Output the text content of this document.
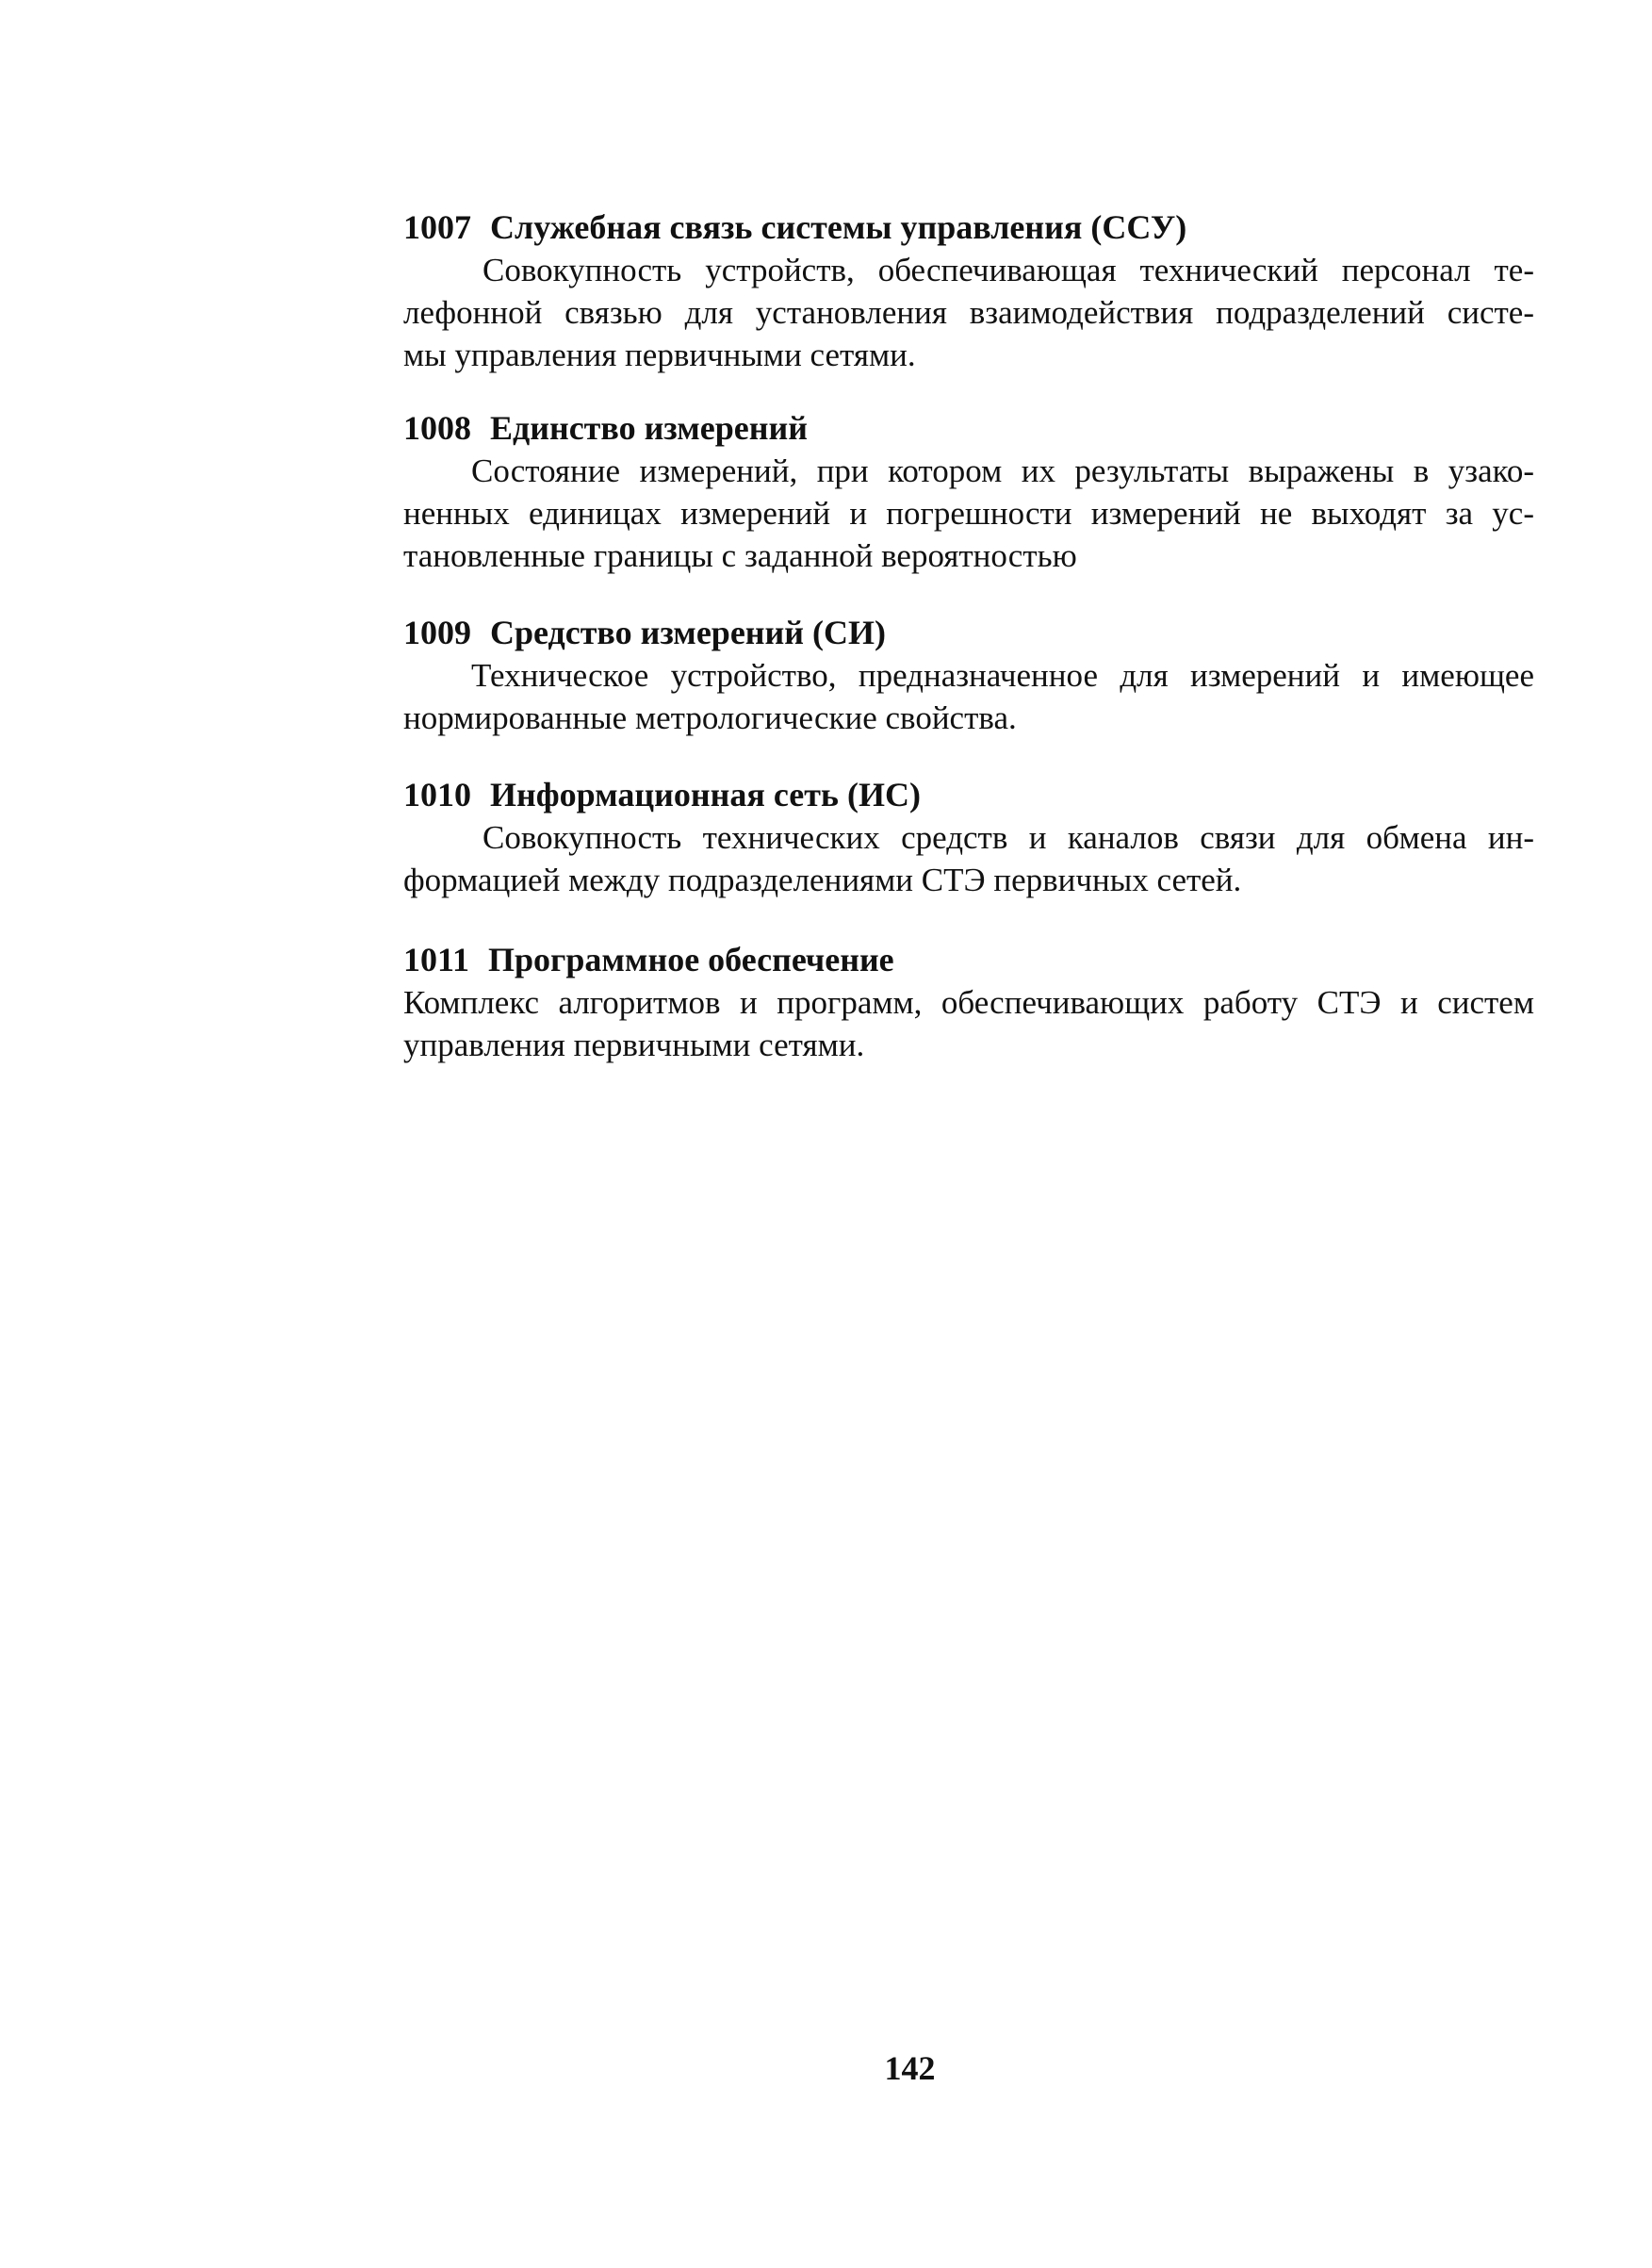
1007 Служебная связь системы управления (ССУ)
Совокупность устройств, обеспечивающая технический персонал те-
лефонной связью для установления взаимодействия подразделений систе-
мы управления первичными сетями.
1008 Единство измерений
Состояние измерений, при котором их результаты выражены в узако-
ненных единицах измерений и погрешности измерений не выходят за ус-
тановленные границы с заданной вероятностью
1009 Средство измерений (СИ)
Техническое устройство, предназначенное для измерений и имеющее
нормированные метрологические свойства.
1010 Информационная сеть (ИС)
Совокупность технических средств и каналов связи для обмена ин-
формацией между подразделениями СТЭ первичных сетей.
1011 Программное обеспечение
Комплекс алгоритмов и программ, обеспечивающих работу СТЭ и систем
управления первичными сетями.
142
